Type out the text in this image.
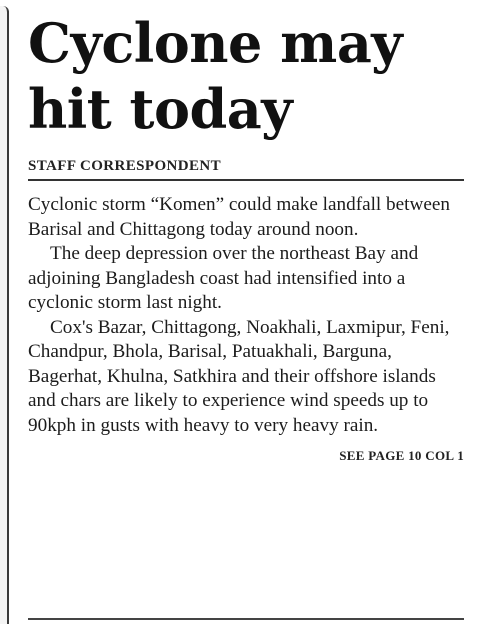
Cyclone may
hit today
STAFF CORRESPONDENT

Cyclonic storm “Komen” could make landfall between Barisal and Chittagong today around noon.

The deep depression over the northeast Bay and adjoining Bangladesh coast had intensified into a cyclonic storm last night.

Cox's Bazar, Chittagong, Noakhali, Laxmipur, Feni, Chandpur, Bhola, Barisal, Patuakhali, Barguna, Bagerhat, Khulna, Satkhira and their offshore islands and chars are likely to experience wind speeds up to 90kph in gusts with heavy to very heavy rain.

SEE PAGE 10 COL 1
